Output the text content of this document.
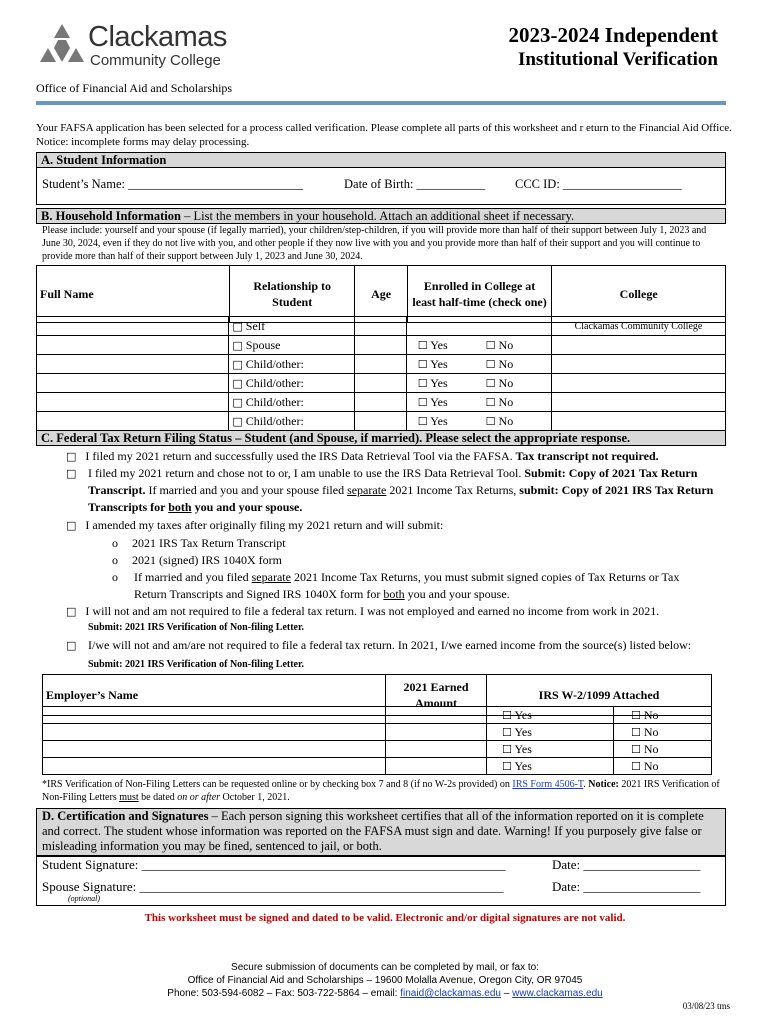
Clackamas
Community College
2023-2024 Independent
Institutional Verification
Office of Financial Aid and Scholarships
Your FAFSA application has been selected for a process called verification. Please complete all parts of this worksheet and r eturn to the Financial Aid Office. Notice: incomplete forms may delay processing.
A. Student Information
Student’s Name: ____________________________	Date of Birth: ___________ CCC ID: ___________________
B. Household Information – List the members in your household. Attach an additional sheet if necessary.
Please include: yourself and your spouse (if legally married), your children/step-children, if you will provide more than half of their support between July 1, 2023 and June 30, 2024, even if they do not live with you, and other people if they now live with you and you provide more than half of their support and you will continue to provide more than half of their support between July 1, 2023 and June 30, 2024.
Full Name	Relationship to Student	Age	Enrolled in College at least half-time (check one)	College
	□ Self			Clackamas Community College
	□ Spouse		☐ Yes ☐ No	
	□ Child/other:		☐ Yes ☐ No	
	□ Child/other:		☐ Yes ☐ No	
	□ Child/other:		☐ Yes ☐ No	
	□ Child/other:		☐ Yes ☐ No	
C. Federal Tax Return Filing Status – Student (and Spouse, if married). Please select the appropriate response.
□ I filed my 2021 return and successfully used the IRS Data Retrieval Tool via the FAFSA. Tax transcript not required.
□ I filed my 2021 return and chose not to or, I am unable to use the IRS Data Retrieval Tool. Submit: Copy of 2021 Tax Return Transcript. If married and you and your spouse filed separate 2021 Income Tax Returns, submit: Copy of 2021 IRS Tax Return Transcripts for both you and your spouse.
□ I amended my taxes after originally filing my 2021 return and will submit:
o 2021 IRS Tax Return Transcript
o 2021 (signed) IRS 1040X form
o If married and you filed separate 2021 Income Tax Returns, you must submit signed copies of Tax Returns or Tax Return Transcripts and Signed IRS 1040X form for both you and your spouse.
□ I will not and am not required to file a federal tax return. I was not employed and earned no income from work in 2021.
Submit: 2021 IRS Verification of Non-filing Letter.
□ I/we will not and am/are not required to file a federal tax return. In 2021, I/we earned income from the source(s) listed below: Submit: 2021 IRS Verification of Non-filing Letter.
Employer’s Name	2021 Earned Amount	IRS W-2/1099 Attached
		☐ Yes	☐ No
		☐ Yes	☐ No
		☐ Yes	☐ No
		☐ Yes	☐ No
*IRS Verification of Non-Filing Letters can be requested online or by checking box 7 and 8 (if no W-2s provided) on IRS Form 4506-T. Notice: 2021 IRS Verification of Non-Filing Letters must be dated on or after October 1, 2021.
D. Certification and Signatures – Each person signing this worksheet certifies that all of the information reported on it is complete and correct. The student whose information was reported on the FAFSA must sign and date. Warning! If you purposely give false or misleading information you may be fined, sentenced to jail, or both.
Student Signature: ________________________________________________________	Date: __________________
Spouse Signature: ________________________________________________________	Date: __________________
(optional)
This worksheet must be signed and dated to be valid. Electronic and/or digital signatures are not valid.
Secure submission of documents can be completed by mail, or fax to:
Office of Financial Aid and Scholarships – 19600 Molalla Avenue, Oregon City, OR 97045
Phone: 503-594-6082 – Fax: 503-722-5864 – email: finaid@clackamas.edu – www.clackamas.edu
03/08/23 tms
